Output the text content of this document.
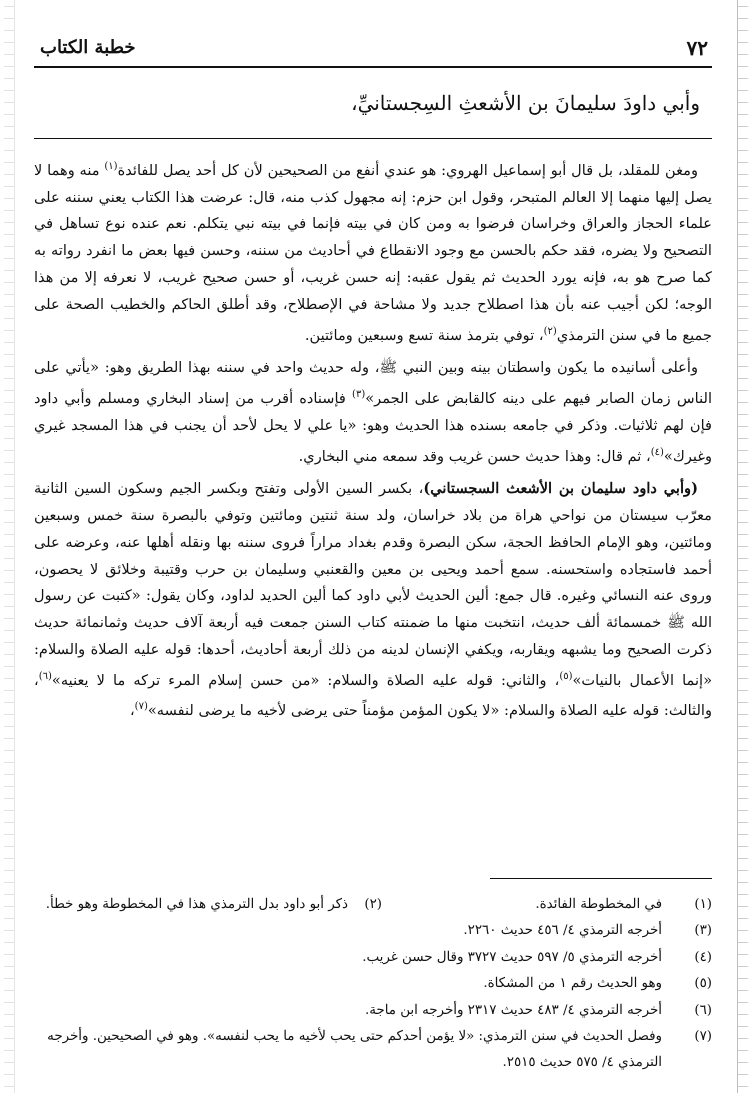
خطبة الكتاب	٧٢
وأبي داودَ سليمانَ بن الأشعثِ السِجستانيِّ،

ومغن للمقلد، بل قال أبو إسماعيل الهروي: هو عندي أنفع من الصحيحين لأن كل أحد يصل للفائدة$^{(١)}$ منه وهما لا يصل إليها منهما إلا العالم المتبحر، وقول ابن حزم: إنه مجهول كذب منه، قال: عرضت هذا الكتاب يعني سننه على علماء الحجاز والعراق وخراسان فرضوا به ومن كان في بيته فإنما في بيته نبي يتكلم. نعم عنده نوع تساهل في التصحيح ولا يضره، فقد حكم بالحسن مع وجود الانقطاع في أحاديث من سننه، وحسن فيها بعض ما انفرد رواته به كما صرح هو به، فإنه يورد الحديث ثم يقول عقبه: إنه حسن غريب، أو حسن صحيح غريب، لا نعرفه إلا من هذا الوجه؛ لكن أجيب عنه بأن هذا اصطلاح جديد ولا مشاحة في الإصطلاح، وقد أطلق الحاكم والخطيب الصحة على جميع ما في سنن الترمذي$^{(٢)}$، توفي بترمذ سنة تسع وسبعين ومائتين.

وأعلى أسانيده ما يكون واسطتان بينه وبين النبي ﷺ، وله حديث واحد في سننه بهذا الطريق وهو: «يأتي على الناس زمان الصابر فيهم على دينه كالقابض على الجمر»$^{(٣)}$ فإسناده أقرب من إسناد البخاري ومسلم وأبي داود فإن لهم ثلاثيات. وذكر في جامعه بسنده هذا الحديث وهو: «يا علي لا يحل لأحد أن يجنب في هذا المسجد غيري وغيرك»$^{(٤)}$، ثم قال: وهذا حديث حسن غريب وقد سمعه مني البخاري.

(وأبي داود سليمان بن الأشعث السجستاني)، بكسر السين الأولى وتفتح وبكسر الجيم وسكون السين الثانية معرّب سيستان من نواحي هراة من بلاد خراسان، ولد سنة ثنتين ومائتين وتوفي بالبصرة سنة خمس وسبعين ومائتين، وهو الإمام الحافظ الحجة، سكن البصرة وقدم بغداد مراراً فروى سننه بها ونقله أهلها عنه، وعرضه على أحمد فاستجاده واستحسنه. سمع أحمد ويحيى بن معين والقعنبي وسليمان بن حرب وقتيبة وخلائق لا يحصون، وروى عنه النسائي وغيره. قال جمع: ألين الحديث لأبي داود كما ألين الحديد لداود، وكان يقول: «كتبت عن رسول الله ﷺ خمسمائة ألف حديث، انتخبت منها ما ضمنته كتاب السنن جمعت فيه أربعة آلاف حديث وثمانمائة حديث ذكرت الصحيح وما يشبهه ويقاربه، ويكفي الإنسان لدينه من ذلك أربعة أحاديث، أحدها: قوله عليه الصلاة والسلام: «إنما الأعمال بالنيات»$^{(٥)}$، والثاني: قوله عليه الصلاة والسلام: «من حسن إسلام المرء تركه ما لا يعنيه»$^{(٦)}$، والثالث: قوله عليه الصلاة والسلام: «لا يكون المؤمن مؤمناً حتى يرضى لأخيه ما يرضى لنفسه»$^{(٧)}$،

(١)
في المخطوطة الفائدة.
(٢)
ذكر أبو داود بدل الترمذي هذا في المخطوطة وهو خطأ.
(٣)
أخرجه الترمذي ٤/ ٤٥٦ حديث ٢٢٦٠.
(٤)
أخرجه الترمذي ٥/ ٥٩٧ حديث ٣٧٢٧ وقال حسن غريب.
(٥)
وهو الحديث رقم ١ من المشكاة.
(٦)
أخرجه الترمذي ٤/ ٤٨٣ حديث ٢٣١٧ وأخرجه ابن ماجة.
(٧)
وفصل الحديث في سنن الترمذي: «لا يؤمن أحدكم حتى يحب لأخيه ما يحب لنفسه». وهو في الصحيحين. وأخرجه الترمذي ٤/ ٥٧٥ حديث ٢٥١٥.
